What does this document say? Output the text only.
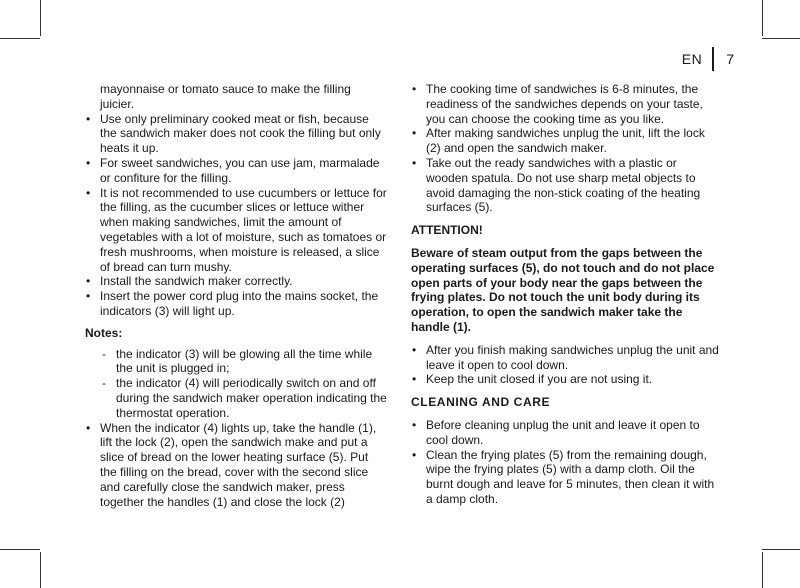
EN 7
mayonnaise or tomato sauce to make the filling juicier.
• Use only preliminary cooked meat or fish, because the sandwich maker does not cook the filling but only heats it up.
• For sweet sandwiches, you can use jam, marmalade or confiture for the filling.
• It is not recommended to use cucumbers or lettuce for the filling, as the cucumber slices or lettuce wither when making sandwiches, limit the amount of vegetables with a lot of moisture, such as tomatoes or fresh mushrooms, when moisture is released, a slice of bread can turn mushy.
• Install the sandwich maker correctly.
• Insert the power cord plug into the mains socket, the indicators (3) will light up.
Notes:
- the indicator (3) will be glowing all the time while the unit is plugged in;
- the indicator (4) will periodically switch on and off during the sandwich maker operation indicating the thermostat operation.
• When the indicator (4) lights up, take the handle (1), lift the lock (2), open the sandwich make and put a slice of bread on the lower heating surface (5). Put the filling on the bread, cover with the second slice and carefully close the sandwich maker, press together the handles (1) and close the lock (2)
• The cooking time of sandwiches is 6-8 minutes, the readiness of the sandwiches depends on your taste, you can choose the cooking time as you like.
• After making sandwiches unplug the unit, lift the lock (2) and open the sandwich maker.
• Take out the ready sandwiches with a plastic or wooden spatula. Do not use sharp metal objects to avoid damaging the non-stick coating of the heating surfaces (5).
ATTENTION!
Beware of steam output from the gaps between the operating surfaces (5), do not touch and do not place open parts of your body near the gaps between the frying plates. Do not touch the unit body during its operation, to open the sandwich maker take the handle (1).
• After you finish making sandwiches unplug the unit and leave it open to cool down.
• Keep the unit closed if you are not using it.
CLEANING AND CARE
• Before cleaning unplug the unit and leave it open to cool down.
• Clean the frying plates (5) from the remaining dough, wipe the frying plates (5) with a damp cloth. Oil the burnt dough and leave for 5 minutes, then clean it with a damp cloth.
